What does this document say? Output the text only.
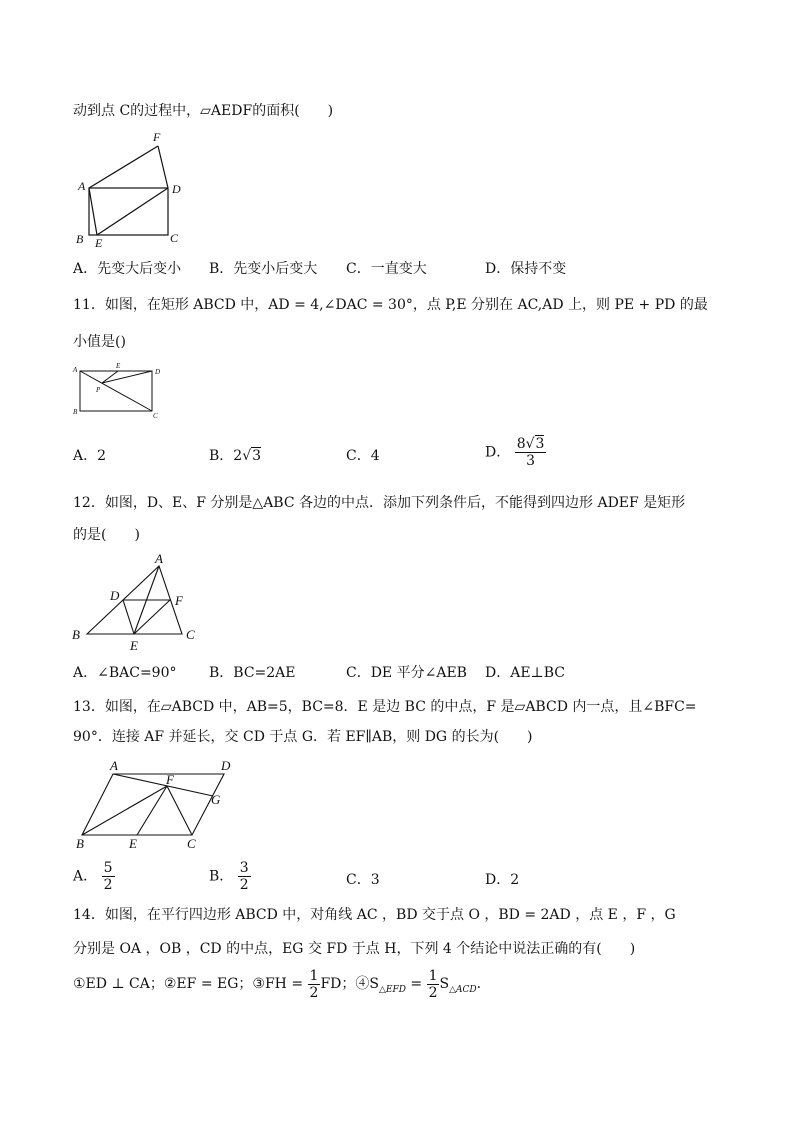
动到点 C的过程中，▱AEDF的面积(　　)
F
A	D
B E	C
A．先变大后变小 B．先变小后变大 C．一直变大	D．保持不变
11．如图，在矩形 ABCD 中，AD = 4,∠DAC = 30°，点 P,E 分别在 AC,AD 上，则 PE + PD 的最
小值是()
A	E
D
P
B	C
A．2	B．2√3	C．4	D． $\frac{8√3}{3}$
12．如图，D、E、F 分别是△ABC 各边的中点．添加下列条件后，不能得到四边形 ADEF 是矩形
的是(　　)
A
D	F
B
E
C
A．∠BAC=90° B．BC=2AE	C．DE 平分∠AEB D．AE⊥BC
13．如图，在▱ABCD 中，AB=5，BC=8．E 是边 BC 的中点，F 是▱ABCD 内一点，且∠BFC=
90°．连接 AF 并延长，交 CD 于点 G．若 EF∥AB，则 DG 的长为(　　)
A	D
F
G
B	E	C
A． $\frac{5}{2}$	B． $\frac{3}{2}$	C．3	D．2
14．如图，在平行四边形 ABCD 中，对角线 AC ，BD 交于点 O ，BD = 2AD ，点 E ，F ，G
分别是 OA ，OB ，CD 的中点，EG 交 FD 于点 H，下列 4 个结论中说法正确的有(　　)
①ED ⊥ CA；②EF = EG；③FH = $\frac{1}{2}$ FD；$④S_{\triangle EFD} = \frac{1}{2} S_{\triangle ACD}$．
